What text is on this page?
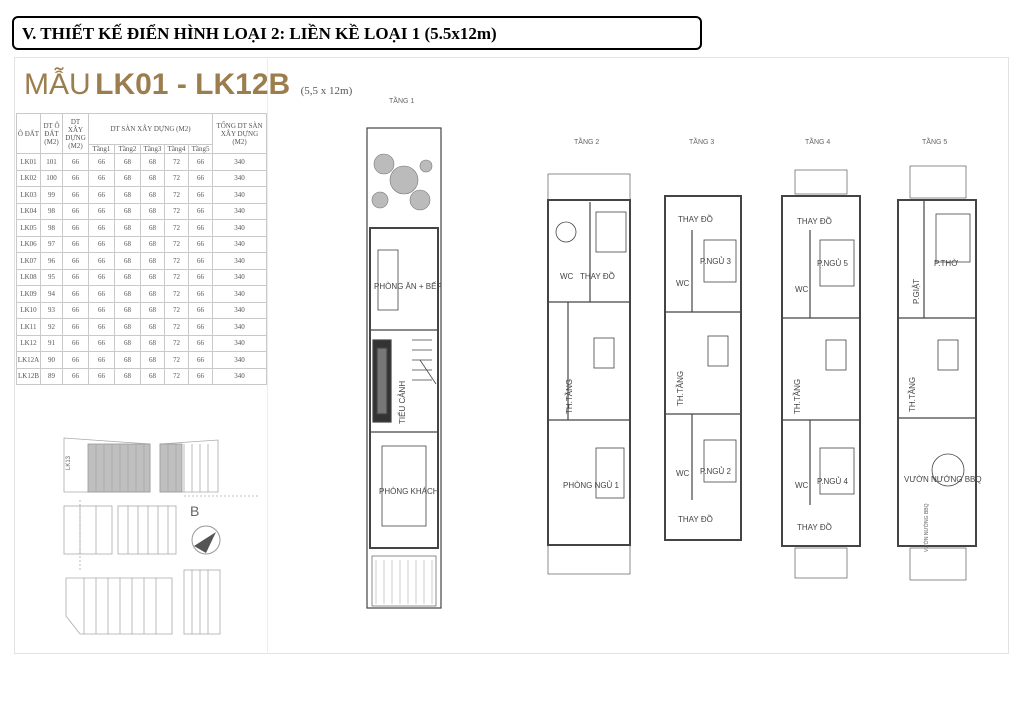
V. THIẾT KẾ ĐIỂN HÌNH LOẠI 2: LIỀN KỀ LOẠI 1 (5.5x12m)
MẪU LK01 - LK12B (5,5 x 12m)
Ô ĐẤT	DT Ô ĐẤT (M2)	DT XÂY DỰNG (M2)	DT SÀN XÂY DỰNG (M2)					TỔNG DT SÀN XÂY DỰNG (M2)
			Tầng1	Tầng2	Tầng3	Tầng4	Tầng5	
LK01	101	66	66	68	68	72	66	340
LK02	100	66	66	68	68	72	66	340
LK03	99	66	66	68	68	72	66	340
LK04	98	66	66	68	68	72	66	340
LK05	98	66	66	68	68	72	66	340
LK06	97	66	66	68	68	72	66	340
LK07	96	66	66	68	68	72	66	340
LK08	95	66	66	68	68	72	66	340
LK09	94	66	66	68	68	72	66	340
LK10	93	66	66	68	68	72	66	340
LK11	92	66	66	68	68	72	66	340
LK12	91	66	66	68	68	72	66	340
LK12A	90	66	66	68	68	72	66	340
LK12B	89	66	66	68	68	72	66	340
LK13
B
TẦNG 1
PHÒNG ĂN + BẾP
TIỂU CẢNH
PHÒNG KHÁCH
TẦNG 2
WC THAY ĐỒ
TH.TẦNG
PHÒNG NGỦ 1
TẦNG 3
THAY ĐỒ
P.NGỦ 3
WC
TH.TẦNG
WC P.NGỦ 2
THAY ĐỒ
TẦNG 4
THAY ĐỒ
P.NGỦ 5
WC
TH.TẦNG
WC P.NGỦ 4
THAY ĐỒ
TẦNG 5
P.GIẶT
P.THỜ
TH.TẦNG
VƯỜN NƯỚNG BBQ
VƯỜN NƯỚNG BBQ
